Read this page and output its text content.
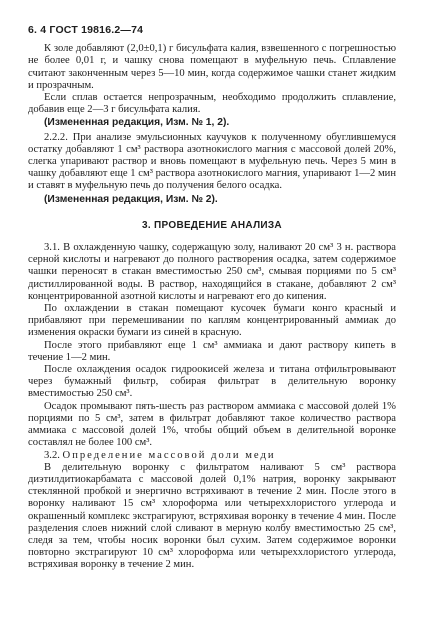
6. 4 ГОСТ 19816.2—74

К золе добавляют (2,0±0,1) г бисульфата калия, взвешенного с погрешностью не более 0,01 г, и чашку снова помещают в муфельную печь. Сплавление считают законченным через 5—10 мин, когда содержимое чашки станет жидким и прозрачным.

Если сплав остается непрозрачным, необходимо продолжить сплавление, добавив еще 2—3 г бисульфата калия.

(Измененная редакция, Изм. № 1, 2).

2.2.2. При анализе эмульсионных каучуков к полученному обуглившемуся остатку добавляют 1 см³ раствора азотнокислого магния с массовой долей 20%, слегка упаривают раствор и вновь помещают в муфельную печь. Через 5 мин в чашку добавляют еще 1 см³ раствора азотнокислого магния, упаривают 1—2 мин и ставят в муфельную печь до получения белого осадка.

(Измененная редакция, Изм. № 2).
3. ПРОВЕДЕНИЕ АНАЛИЗА

3.1. В охлажденную чашку, содержащую золу, наливают 20 см³ 3 н. раствора серной кислоты и нагревают до полного растворения осадка, затем содержимое чашки переносят в стакан вместимостью 250 см³, смывая порциями по 5 см³ дистиллированной воды. В раствор, находящийся в стакане, добавляют 2 см³ концентрированной азотной кислоты и нагревают его до кипения.

По охлаждении в стакан помещают кусочек бумаги конго красный и прибавляют при перемешивании по каплям концентрированный аммиак до изменения окраски бумаги из синей в красную.

После этого прибавляют еще 1 см³ аммиака и дают раствору кипеть в течение 1—2 мин.

После охлаждения осадок гидроокисей железа и титана отфильтровывают через бумажный фильтр, собирая фильтрат в делительную воронку вместимостью 250 см³.

Осадок промывают пять-шесть раз раствором аммиака с массовой долей 1% порциями по 5 см³, затем в фильтрат добавляют такое количество раствора аммиака с массовой долей 1%, чтобы общий объем в делительной воронке составлял не более 100 см³.

3.2. Определение массовой доли меди

В делительную воронку с фильтратом наливают 5 см³ раствора диэтилдитиокарбамата с массовой долей 0,1% натрия, воронку закрывают стеклянной пробкой и энергично встряхивают в течение 2 мин. После этого в воронку наливают 15 см³ хлороформа или четыреххлористого углерода и окрашенный комплекс экстрагируют, встряхивая воронку в течение 4 мин. После разделения слоев нижний слой сливают в мерную колбу вместимостью 25 см³, следя за тем, чтобы носик воронки был сухим. Затем содержимое воронки повторно экстрагируют 10 см³ хлороформа или четыреххлористого углерода, встряхивая воронку в течение 2 мин.
